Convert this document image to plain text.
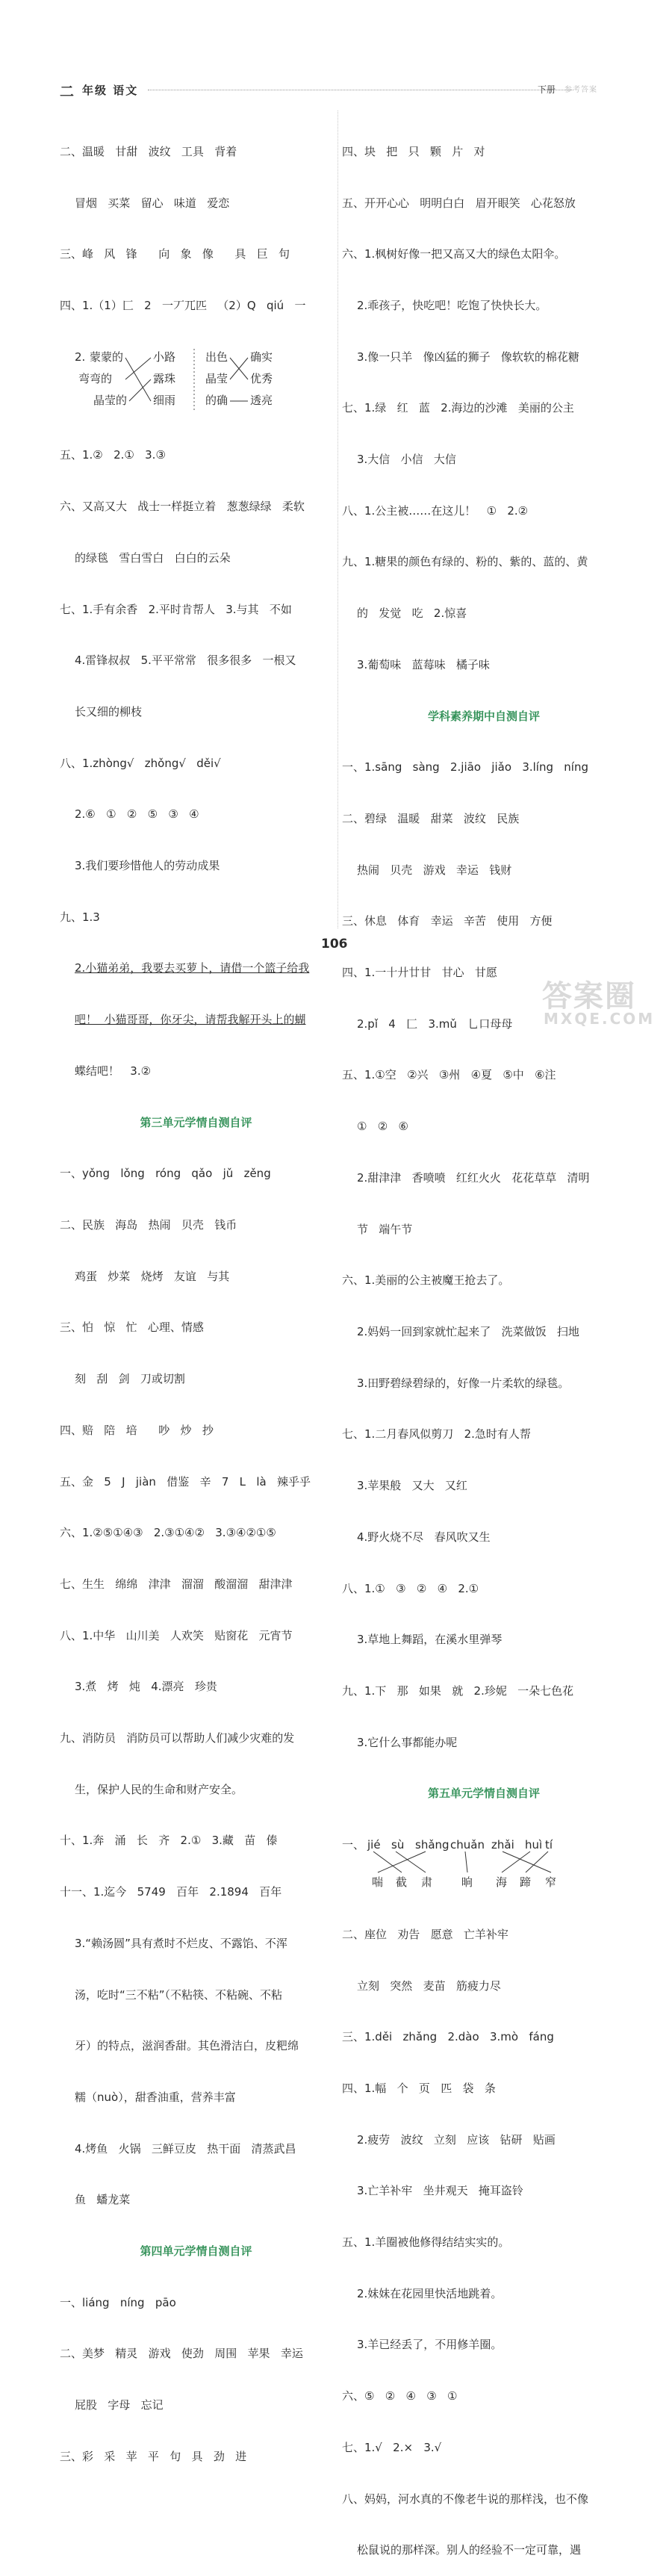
二 年级 语文	下册 参考答案

二、温暖   甘甜   波纹   工具   背着

冒烟   买菜   留心   味道   爱恋

三、峰   风   锋      向   象   像      具   巨   句

四、1.（1）匚   2   一丆兀匹   （2）Q   qiú   一

2.

蒙蒙的

弯弯的

晶莹的

小路

露珠

细雨

出色

晶莹

的确

确实

优秀

透亮

五、1.②   2.①   3.③

六、又高又大   战士一样挺立着   葱葱绿绿   柔软

的绿毯   雪白雪白   白白的云朵

七、1.手有余香   2.平时肯帮人   3.与其   不如

4.雷锋叔叔   5.平平常常   很多很多   一根又

长又细的柳枝

八、1.zhòng√   zhǒng√   děi√

2.⑥   ①   ②   ⑤   ③   ④

3.我们要珍惜他人的劳动成果

九、1.3

2.小猫弟弟，我要去买萝卜，请借一个篮子给我

吧！  小猫哥哥，你牙尖，请帮我解开头上的蝴

蝶结吧！   3.②

第三单元学情自测自评

一、yǒng   lǒng   róng   qǎo   jǔ   zěng

二、民族   海岛   热闹   贝壳   钱币

鸡蛋   炒菜   烧烤   友谊   与其

三、怕   惊   忙   心理、情感

刻   刮   剑   刀或切割

四、赔   陪   培      吵   炒   抄

五、金   5   J   jiàn   借鉴   辛   7   L   là   辣乎乎

六、1.②⑤①④③   2.③①④②   3.③④②①⑤

七、生生   绵绵   津津   溜溜   酸溜溜   甜津津

八、1.中华   山川美   人欢笑   贴窗花   元宵节

3.煮   烤   炖   4.漂亮   珍贵

九、消防员   消防员可以帮助人们减少灾难的发

生，保护人民的生命和财产安全。

十、1.奔   涌   长   齐   2.①   3.藏   苗   傣

十一、1.迄今   5749   百年   2.1894   百年

3.“赖汤圆”具有煮时不烂皮、不露馅、不浑

汤，吃时“三不粘”（不粘筷、不粘碗、不粘

牙）的特点，滋润香甜。其色滑洁白，皮粑绵

糯（nuò），甜香油重，营养丰富

4.烤鱼   火锅   三鲜豆皮   热干面   清蒸武昌

鱼   蟠龙菜

第四单元学情自测自评

一、liáng   níng   pāo

二、美梦   精灵   游戏   使劲   周围   苹果   幸运

屁股   字母   忘记

三、彩   采   苹   平   句   具   劲   进

四、块   把   只   颗   片   对

五、开开心心   明明白白   眉开眼笑   心花怒放

六、1.枫树好像一把又高又大的绿色太阳伞。

2.乖孩子，快吃吧！吃饱了快快长大。

3.像一只羊   像凶猛的狮子   像软软的棉花糖

七、1.绿   红   蓝   2.海边的沙滩   美丽的公主

3.大信   小信   大信

八、1.公主被……在这儿！   ①   2.②

九、1.糖果的颜色有绿的、粉的、紫的、蓝的、黄

的   发觉   吃   2.惊喜

3.葡萄味   蓝莓味   橘子味

学科素养期中自测自评

一、1.sāng   sàng   2.jiāo   jiǎo   3.líng   níng

二、碧绿   温暖   甜菜   波纹   民族

热闹   贝壳   游戏   幸运   钱财

三、休息   体育   幸运   辛苦   使用   方便

四、1.一十廾廿甘   甘心   甘愿

2.pǐ   4   匚   3.mǔ   乚口母母

五、1.①空   ②兴   ③州   ④夏   ⑤中   ⑥注

①   ②   ⑥

2.甜津津   香喷喷   红红火火   花花草草   清明

节   端午节

六、1.美丽的公主被魔王抢去了。

2.妈妈一回到家就忙起来了   洗菜做饭   扫地

3.田野碧绿碧绿的，好像一片柔软的绿毯。

七、1.二月春风似剪刀   2.急时有人帮

3.苹果般   又大   又红

4.野火烧不尽   春风吹又生

八、1.①   ③   ②   ④   2.①

3.草地上舞蹈，在溪水里弹琴

九、1.下   那   如果   就   2.珍妮   一朵七色花

3.它什么事都能办呢

第五单元学情自测自评

一、

jié

sù

shǎng

chuǎn

zhǎi

huì

tí

喘

截

肃

	晌

海

蹄

窄

二、座位   劝告   愿意   亡羊补牢

立刻   突然   麦苗   筋疲力尽

三、1.děi   zhǎng   2.dào   3.mò   fáng

四、1.幅   个   页   匹   袋   条

2.疲劳   波纹   立刻   应该   钻研   贴画

3.亡羊补牢   坐井观天   掩耳盗铃

五、1.羊圈被他修得结结实实的。

2.妹妹在花园里快活地跳着。

3.羊已经丢了，不用修羊圈。

六、⑤   ②   ④   ③   ①

七、1.√   2.×   3.√

八、妈妈，河水真的不像老牛说的那样浅，也不像

松鼠说的那样深。别人的经验不一定可靠，遇

106
答案圈
MXQE.COM
